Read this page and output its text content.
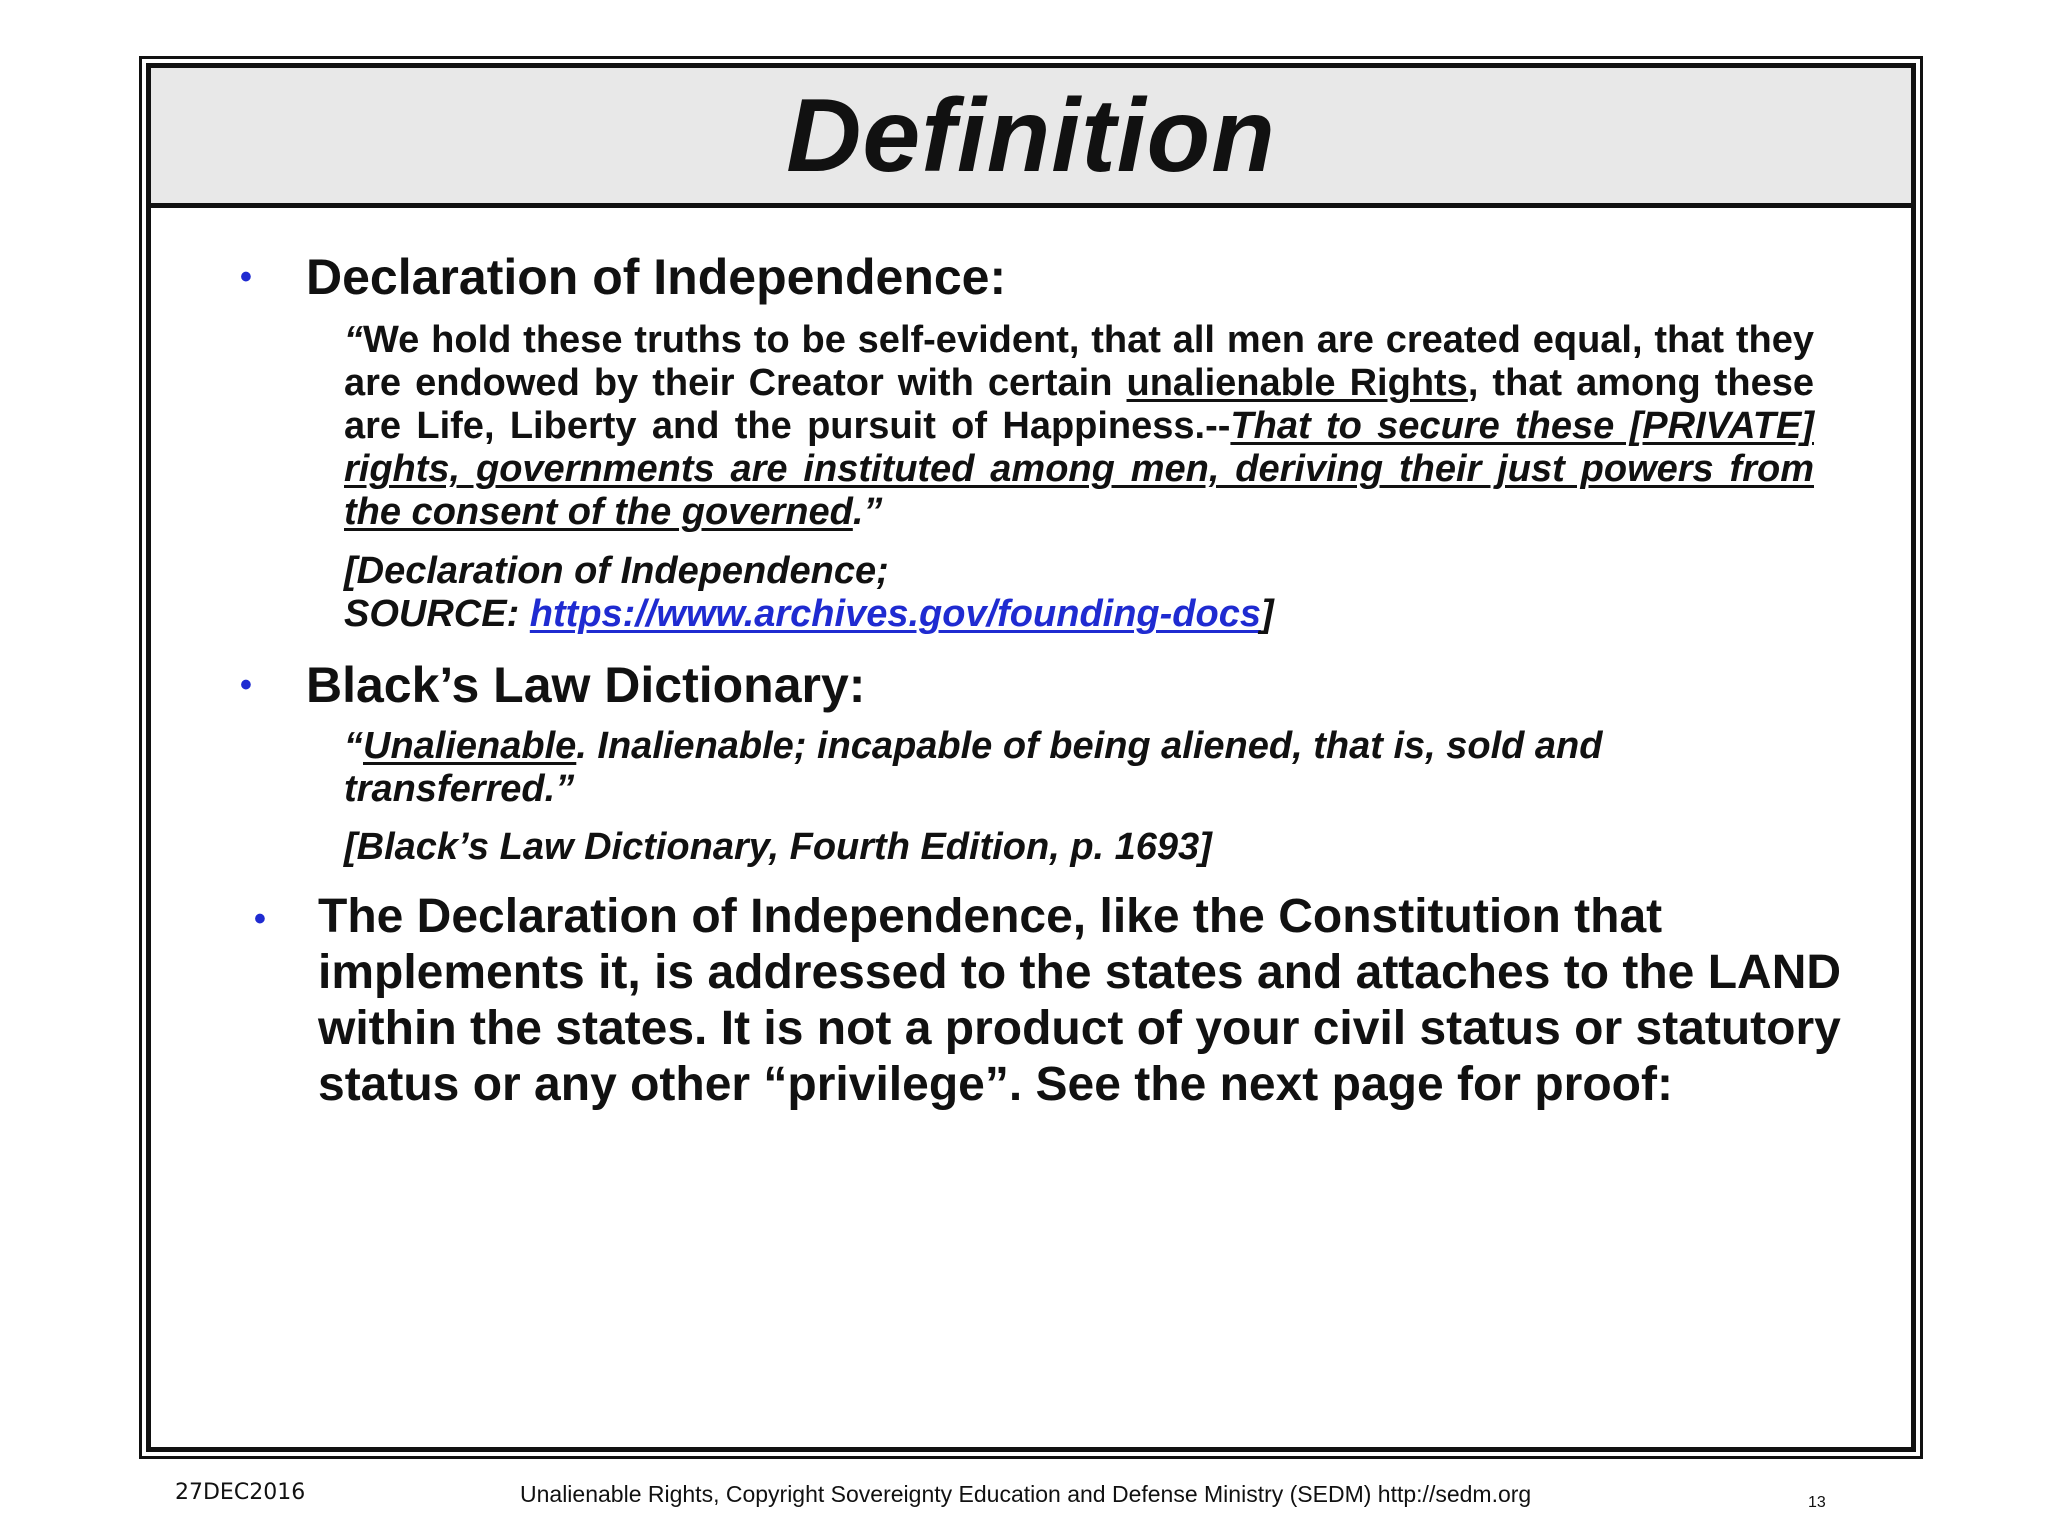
Definition
• Declaration of Independence:
“We hold these truths to be self-evident, that all men are created equal, that they are endowed by their Creator with certain unalienable Rights, that among these are Life, Liberty and the pursuit of Happiness.--That to secure these [PRIVATE] rights, governments are instituted among men, deriving their just powers from the consent of the governed.”
[Declaration of Independence;
SOURCE: https://www.archives.gov/founding-docs]
• Black’s Law Dictionary:
“Unalienable. Inalienable; incapable of being aliened, that is, sold and transferred.”
[Black’s Law Dictionary, Fourth Edition, p. 1693]
• The Declaration of Independence, like the Constitution that implements it, is addressed to the states and attaches to the LAND within the states. It is not a product of your civil status or statutory status or any other “privilege”. See the next page for proof:
27DEC2016	Unalienable Rights, Copyright Sovereignty Education and Defense Ministry (SEDM) http://sedm.org	13
